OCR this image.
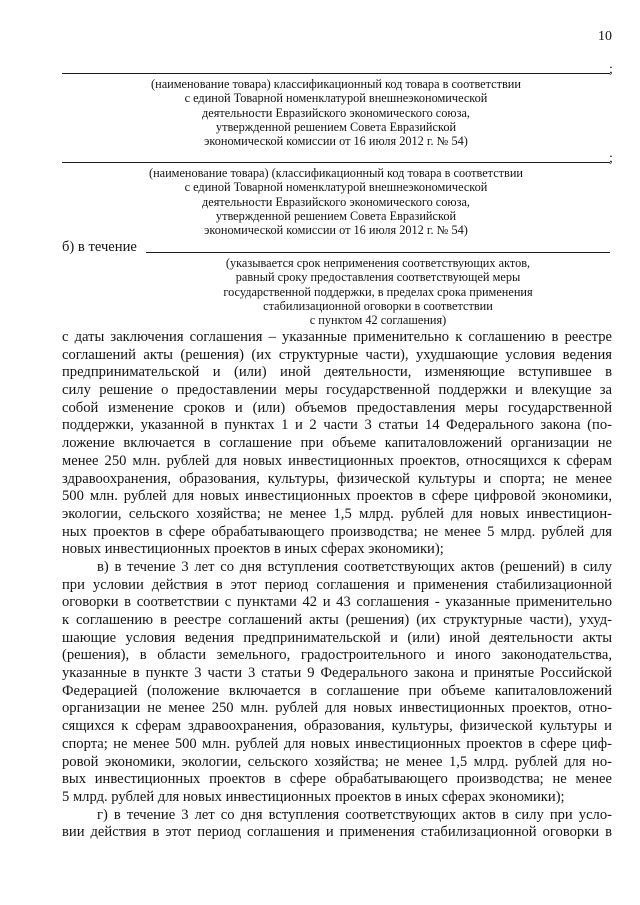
10
;
(наименование товара) классификационный код товара в соответствии
с единой Товарной номенклатурой внешнеэкономической
деятельности Евразийского экономического союза,
утвержденной решением Совета Евразийской
экономической комиссии от 16 июля 2012 г. № 54)
;
(наименование товара) (классификационный код товара в соответствии
с единой Товарной номенклатурой внешнеэкономической
деятельности Евразийского экономического союза,
утвержденной решением Совета Евразийской
экономической комиссии от 16 июля 2012 г. № 54)
б) в течение
(указывается срок неприменения соответствующих актов,
равный сроку предоставления соответствующей меры
государственной поддержки, в пределах срока применения
стабилизационной оговорки в соответствии
с пунктом 42 соглашения)
с даты заключения соглашения – указанные применительно к соглашению в реестре
соглашений акты (решения) (их структурные части), ухудшающие условия ведения
предпринимательской и (или) иной деятельности, изменяющие вступившее в
силу решение о предоставлении меры государственной поддержки и влекущие за
собой изменение сроков и (или) объемов предоставления меры государственной
поддержки, указанной в пунктах 1 и 2 части 3 статьи 14 Федерального закона (по-
ложение включается в соглашение при объеме капиталовложений организации не
менее 250 млн. рублей для новых инвестиционных проектов, относящихся к сферам
здравоохранения, образования, культуры, физической культуры и спорта; не менее
500 млн. рублей для новых инвестиционных проектов в сфере цифровой экономики,
экологии, сельского хозяйства; не менее 1,5 млрд. рублей для новых инвестицион-
ных проектов в сфере обрабатывающего производства; не менее 5 млрд. рублей для
новых инвестиционных проектов в иных сферах экономики);
в) в течение 3 лет со дня вступления соответствующих актов (решений) в силу
при условии действия в этот период соглашения и применения стабилизационной
оговорки в соответствии с пунктами 42 и 43 соглашения - указанные применительно
к соглашению в реестре соглашений акты (решения) (их структурные части), ухуд-
шающие условия ведения предпринимательской и (или) иной деятельности акты
(решения), в области земельного, градостроительного и иного законодательства,
указанные в пункте 3 части 3 статьи 9 Федерального закона и принятые Российской
Федерацией (положение включается в соглашение при объеме капиталовложений
организации не менее 250 млн. рублей для новых инвестиционных проектов, отно-
сящихся к сферам здравоохранения, образования, культуры, физической культуры и
спорта; не менее 500 млн. рублей для новых инвестиционных проектов в сфере циф-
ровой экономики, экологии, сельского хозяйства; не менее 1,5 млрд. рублей для но-
вых инвестиционных проектов в сфере обрабатывающего производства; не менее
5 млрд. рублей для новых инвестиционных проектов в иных сферах экономики);
г) в течение 3 лет со дня вступления соответствующих актов в силу при усло-
вии действия в этот период соглашения и применения стабилизационной оговорки в
